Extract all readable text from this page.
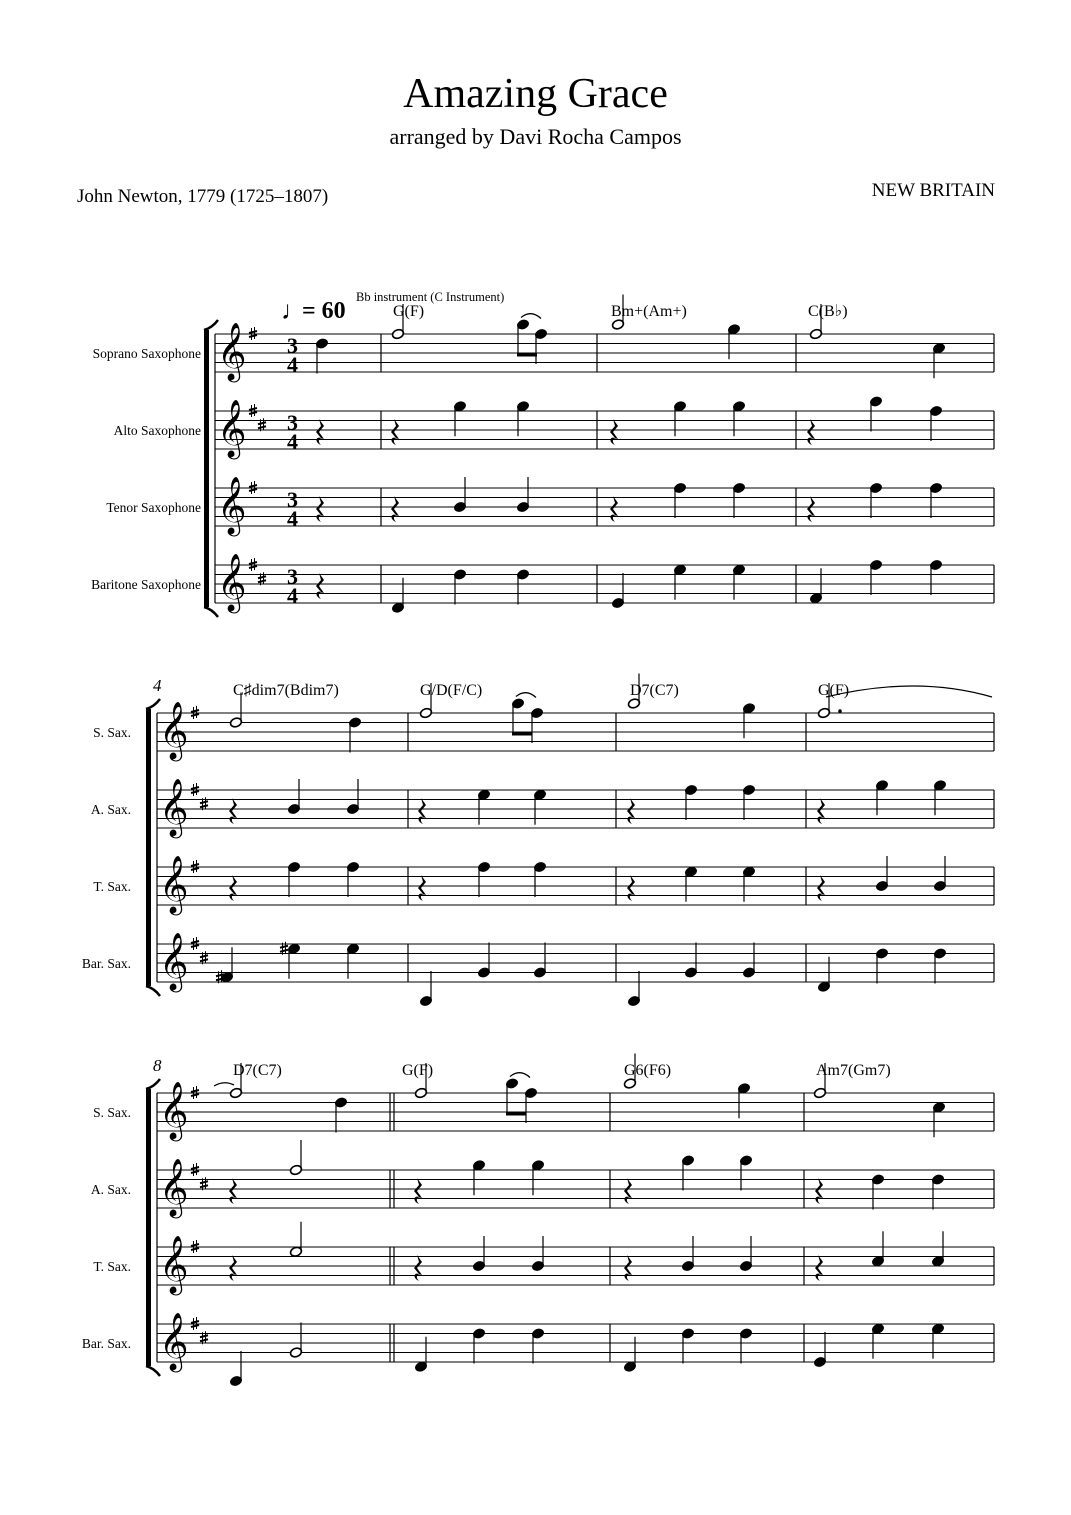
Amazing Grace
arranged by Davi Rocha Campos
John Newton, 1779 (1725–1807)	NEW BRITAIN
𝄞 3
4
Soprano Saxophone
𝄞 3
4
Alto Saxophone
𝄞 3
4
Tenor Saxophone
𝄞 3
4
Baritone Saxophone
G(F)	Bm+(Am+)	C(B♭)
𝄞
S. Sax.
𝄞
A. Sax.
𝄞
T. Sax.
𝄞
Bar. Sax.
4	C♯dim7(Bdim7)	G/D(F/C)	D7(C7)	G(F)
𝄞
S. Sax.
𝄞
A. Sax.
𝄞
T. Sax.
𝄞
Bar. Sax.
8	D7(C7)	G(F)	G6(F6)	Am7(Gm7)
♩
= 60
Bb instrument (C Instrument)
